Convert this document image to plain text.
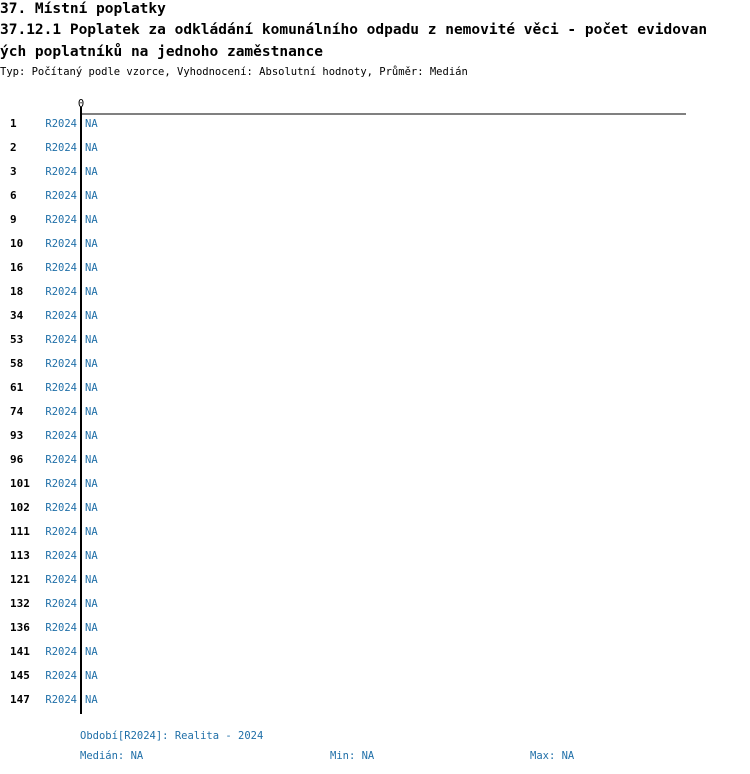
37. Místní poplatky
37.12.1 Poplatek za odkládání komunálního odpadu z nemovité věci - počet evidovan
ých poplatníků na jednoho zaměstnance
Typ: Počítaný podle vzorce, Vyhodnocení: Absolutní hodnoty, Průměr: Medián
0
1	R2024 NA
2	R2024 NA
3	R2024 NA
6	R2024 NA
9	R2024 NA
10 R2024 NA
16 R2024 NA
18 R2024 NA
34 R2024 NA
53 R2024 NA
58 R2024 NA
61 R2024 NA
74 R2024 NA
93 R2024 NA
96 R2024 NA
101 R2024 NA
102 R2024 NA
111 R2024 NA
113 R2024 NA
121 R2024 NA
132 R2024 NA
136 R2024 NA
141 R2024 NA
145 R2024 NA
147 R2024 NA
Období[R2024]: Realita - 2024
Medián: NA	Min: NA	Max: NA
